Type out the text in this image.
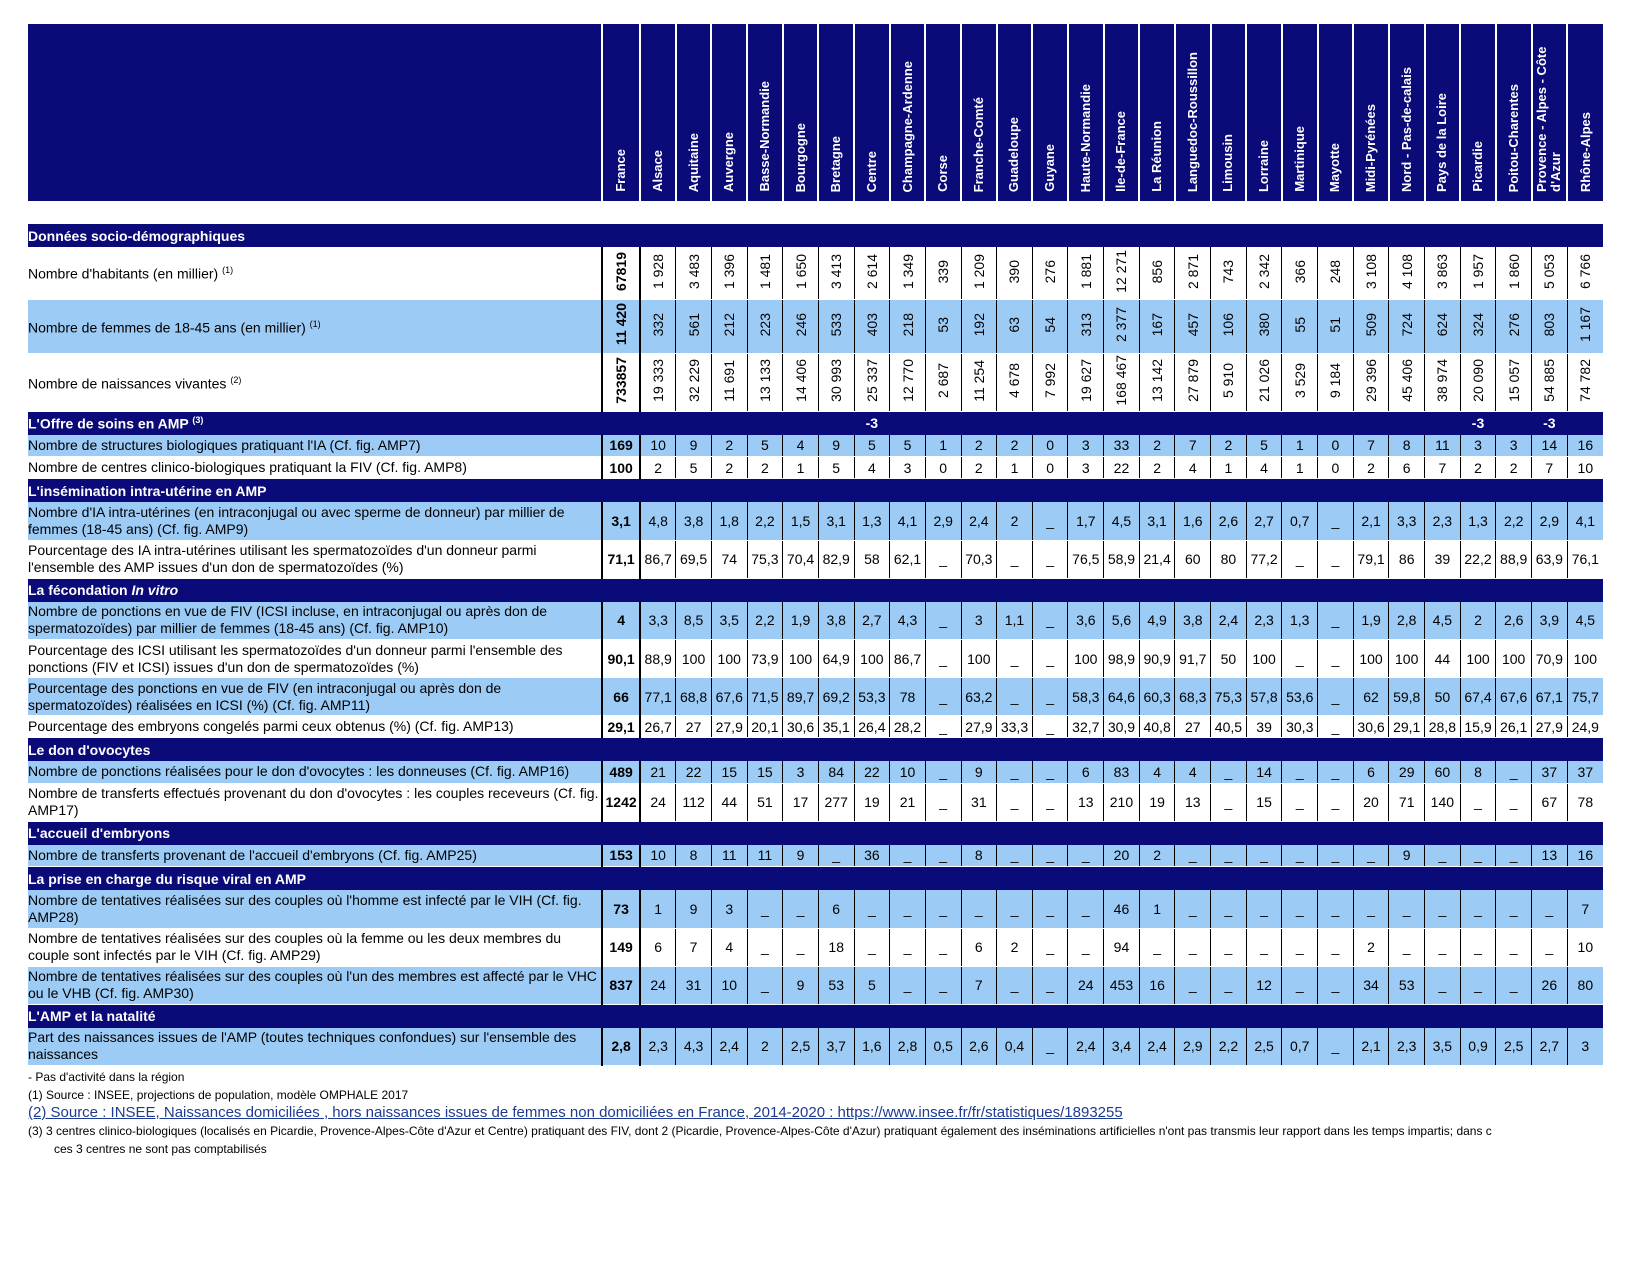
	France	Alsace	Aquitaine	Auvergne	Basse-Normandie	Bourgogne	Bretagne	Centre	Champagne-Ardenne	Corse	Franche-Comté	Guadeloupe	Guyane	Haute-Normandie	Ile-de-France	La Réunion	Languedoc-Roussillon	Limousin	Lorraine	Martinique	Mayotte	Midi-Pyrénées	Nord - Pas-de-calais	Pays de la Loire	Picardie	Poitou-Charentes	Provence - Alpes - Côte d'Azur	Rhône-Alpes

Données socio-démographiques																												
Nombre d'habitants (en millier) $^{(1)}$	67819	1 928	3 483	1 396	1 481	1 650	3 413	2 614	1 349	339	1 209	390	276	1 881	12 271	856	2 871	743	2 342	366	248	3 108	4 108	3 863	1 957	1 860	5 053	6 766
Nombre de femmes de 18-45 ans (en millier) $^{(1)}$	11 420	332	561	212	223	246	533	403	218	53	192	63	54	313	2 377	167	457	106	380	55	51	509	724	624	324	276	803	1 167
Nombre de naissances vivantes $^{(2)}$	733857	19 333	32 229	11 691	13 133	14 406	30 993	25 337	12 770	2 687	11 254	4 678	7 992	19 627	168 467	13 142	27 879	5 910	21 026	3 529	9 184	29 396	45 406	38 974	20 090	15 057	54 885	74 782
L'Offre de soins en AMP $^{(3)}$								-3																	-3		-3	
Nombre de structures biologiques pratiquant l'IA (Cf. fig. AMP7)	169	10	9	2	5	4	9	5	5	1	2	2	0	3	33	2	7	2	5	1	0	7	8	11	3	3	14	16
Nombre de centres clinico-biologiques pratiquant la FIV (Cf. fig. AMP8)	100	2	5	2	2	1	5	4	3	0	2	1	0	3	22	2	4	1	4	1	0	2	6	7	2	2	7	10
L'insémination intra-utérine en AMP																												
Nombre d'IA intra-utérines (en intraconjugal ou avec sperme de donneur) par millier de femmes (18-45 ans) (Cf. fig. AMP9)	3,1	4,8	3,8	1,8	2,2	1,5	3,1	1,3	4,1	2,9	2,4	2	_	1,7	4,5	3,1	1,6	2,6	2,7	0,7	_	2,1	3,3	2,3	1,3	2,2	2,9	4,1
Pourcentage des IA intra-utérines utilisant les spermatozoïdes d'un donneur parmi l'ensemble des AMP issues d'un don de spermatozoïdes (%)	71,1	86,7	69,5	74	75,3	70,4	82,9	58	62,1	_	70,3	_	_	76,5	58,9	21,4	60	80	77,2	_	_	79,1	86	39	22,2	88,9	63,9	76,1
La fécondation In vitro																												
Nombre de ponctions en vue de FIV (ICSI incluse, en intraconjugal ou après don de spermatozoïdes) par millier de femmes (18-45 ans) (Cf. fig. AMP10)	4	3,3	8,5	3,5	2,2	1,9	3,8	2,7	4,3	_	3	1,1	_	3,6	5,6	4,9	3,8	2,4	2,3	1,3	_	1,9	2,8	4,5	2	2,6	3,9	4,5
Pourcentage des ICSI utilisant les spermatozoïdes d'un donneur parmi l'ensemble des ponctions (FIV et ICSI) issues d'un don de spermatozoïdes (%)	90,1	88,9	100	100	73,9	100	64,9	100	86,7	_	100	_	_	100	98,9	90,9	91,7	50	100	_	_	100	100	44	100	100	70,9	100
Pourcentage des ponctions en vue de FIV (en intraconjugal ou après don de spermatozoïdes) réalisées en ICSI (%) (Cf. fig. AMP11)	66	77,1	68,8	67,6	71,5	89,7	69,2	53,3	78	_	63,2	_	_	58,3	64,6	60,3	68,3	75,3	57,8	53,6	_	62	59,8	50	67,4	67,6	67,1	75,7
Pourcentage des embryons congelés parmi ceux obtenus (%) (Cf. fig. AMP13)	29,1	26,7	27	27,9	20,1	30,6	35,1	26,4	28,2	_	27,9	33,3	_	32,7	30,9	40,8	27	40,5	39	30,3	_	30,6	29,1	28,8	15,9	26,1	27,9	24,9
Le don d'ovocytes																												
Nombre de ponctions réalisées pour le don d'ovocytes : les donneuses (Cf. fig. AMP16)	489	21	22	15	15	3	84	22	10	_	9	_	_	6	83	4	4	_	14	_	_	6	29	60	8	_	37	37
Nombre de transferts effectués provenant du don d'ovocytes : les couples receveurs (Cf. fig. AMP17)	1242	24	112	44	51	17	277	19	21	_	31	_	_	13	210	19	13	_	15	_	_	20	71	140	_	_	67	78
L'accueil d'embryons																												
Nombre de transferts provenant de l'accueil d'embryons (Cf. fig. AMP25)	153	10	8	11	11	9	_	36	_	_	8	_	_	_	20	2	_	_	_	_	_	_	9	_	_	_	13	16
La prise en charge du risque viral en AMP																												
Nombre de tentatives réalisées sur des couples où l'homme est infecté par le VIH (Cf. fig. AMP28)	73	1	9	3	_	_	6	_	_	_	_	_	_	_	46	1	_	_	_	_	_	_	_	_	_	_	_	7
Nombre de tentatives réalisées sur des couples où la femme ou les deux membres du couple sont infectés par le VIH (Cf. fig. AMP29)	149	6	7	4	_	_	18	_	_	_	6	2	_	_	94	_	_	_	_	_	_	2	_	_	_	_	_	10
Nombre de tentatives réalisées sur des couples où l'un des membres est affecté par le VHC ou le VHB (Cf. fig. AMP30)	837	24	31	10	_	9	53	5	_	_	7	_	_	24	453	16	_	_	12	_	_	34	53	_	_	_	26	80
L'AMP et la natalité																												
Part des naissances issues de l'AMP (toutes techniques confondues) sur l'ensemble des naissances	2,8	2,3	4,3	2,4	2	2,5	3,7	1,6	2,8	0,5	2,6	0,4	_	2,4	3,4	2,4	2,9	2,2	2,5	0,7	_	2,1	2,3	3,5	0,9	2,5	2,7	3

- Pas d'activité dans la région

(1) Source : INSEE, projections de population, modèle OMPHALE 2017

(2) Source : INSEE, Naissances domiciliées , hors naissances issues de femmes non domiciliées en France, 2014-2020 : https://www.insee.fr/fr/statistiques/1893255

(3) 3 centres clinico-biologiques (localisés en Picardie, Provence-Alpes-Côte d'Azur et Centre) pratiquant des FIV, dont 2 (Picardie, Provence-Alpes-Côte d'Azur) pratiquant également des inséminations artificielles n'ont pas transmis leur rapport dans les temps impartis; dans c

ces 3 centres ne sont pas comptabilisés
